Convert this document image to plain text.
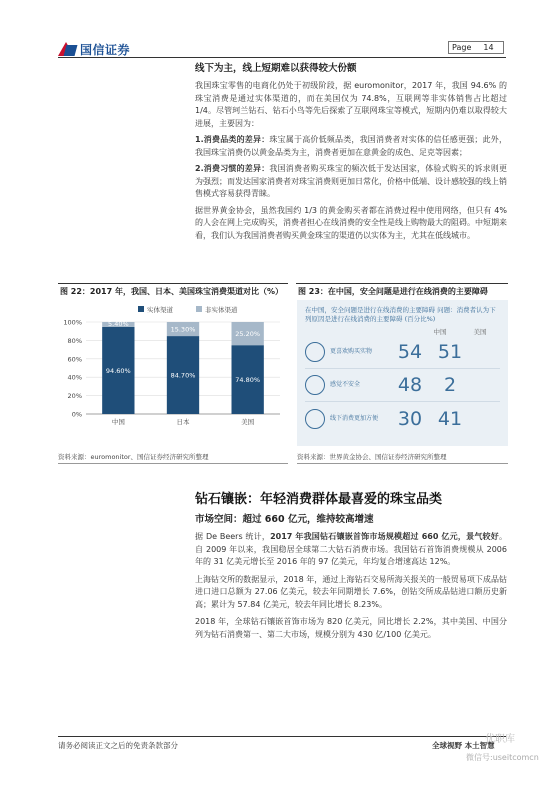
国信证券	Page 14
线下为主，线上短期难以获得较大份额
我国珠宝零售的电商化仍处于初级阶段，据 euromonitor，2017 年，我国 94.6% 的珠宝消费是通过实体渠道的，而在美国仅为 74.8%，互联网等非实体销售占比超过 1/4。尽管珂兰钻石、钻石小鸟等先后探索了互联网珠宝等模式，短期内仍难以取得较大进展，主要因为：
1.消费品类的差异：珠宝属于高价低频品类，我国消费者对实体的信任感更强；此外，我国珠宝消费仍以黄金品类为主，消费者更加在意黄金的成色、足克等因素；
2.消费习惯的差异：我国消费者购买珠宝的频次低于发达国家，体验式购买的诉求则更为强烈；而发达国家消费者对珠宝消费则更加日常化，价格中低端、设计感较强的线上销售模式容易获得青睐。
据世界黄金协会，虽然我国约 1/3 的黄金购买者都在消费过程中使用网络，但只有 4% 的人会在网上完成购买，消费者担心在线消费的安全性是线上购物最大的阻碍。中短期来看，我们认为我国消费者购买黄金珠宝的渠道仍以实体为主，尤其在低线城市。
图 22：2017 年，我国、日本、美国珠宝消费渠道对比（%）	图 23：在中国，安全问题是进行在线消费的主要障碍
实体渠道	非实体渠道
0%
20%
40%
60%
80%
100%
94.60%
5.40%
中国
84.70%
15.30%
日本
74.80%
25.20%
美国
在中国，安全问题是进行在线消费的主要障碍 问题：消费者认为下列原因是进行在线消费的主要障碍 (百分比%)
中国	美国
更喜欢购买实物	54 51
感觉不安全	48	2
线下消费更加方便	30 41
资料来源：euromonitor、国信证券经济研究所整理	资料来源：世界黄金协会、国信证券经济研究所整理
钻石镶嵌：年轻消费群体最喜爱的珠宝品类
市场空间：超过 660 亿元，维持较高增速
据 De Beers 统计，2017 年我国钻石镶嵌首饰市场规模超过 660 亿元，景气较好。自 2009 年以来，我国稳居全球第二大钻石消费市场。我国钻石首饰消费规模从 2006 年的 31 亿美元增长至 2016 年的 97 亿美元，年均复合增速高达 12%。
上海钻交所的数据显示，2018 年，通过上海钻石交易所海关报关的一般贸易项下成品钻进口进口总额为 27.06 亿美元，较去年同期增长 7.6%，创钻交所成品钻进口额历史新高；累计为 57.84 亿美元，较去年同比增长 8.23%。
2018 年，全球钻石镶嵌首饰市场为 820 亿美元，同比增长 2.2%，其中美国、中国分列为钻石消费第一、第二大市场，规模分别为 430 亿/100 亿美元。
请务必阅读正文之后的免责条款部分	全球视野 本土智慧
优职库
微信号:useitcomcn
